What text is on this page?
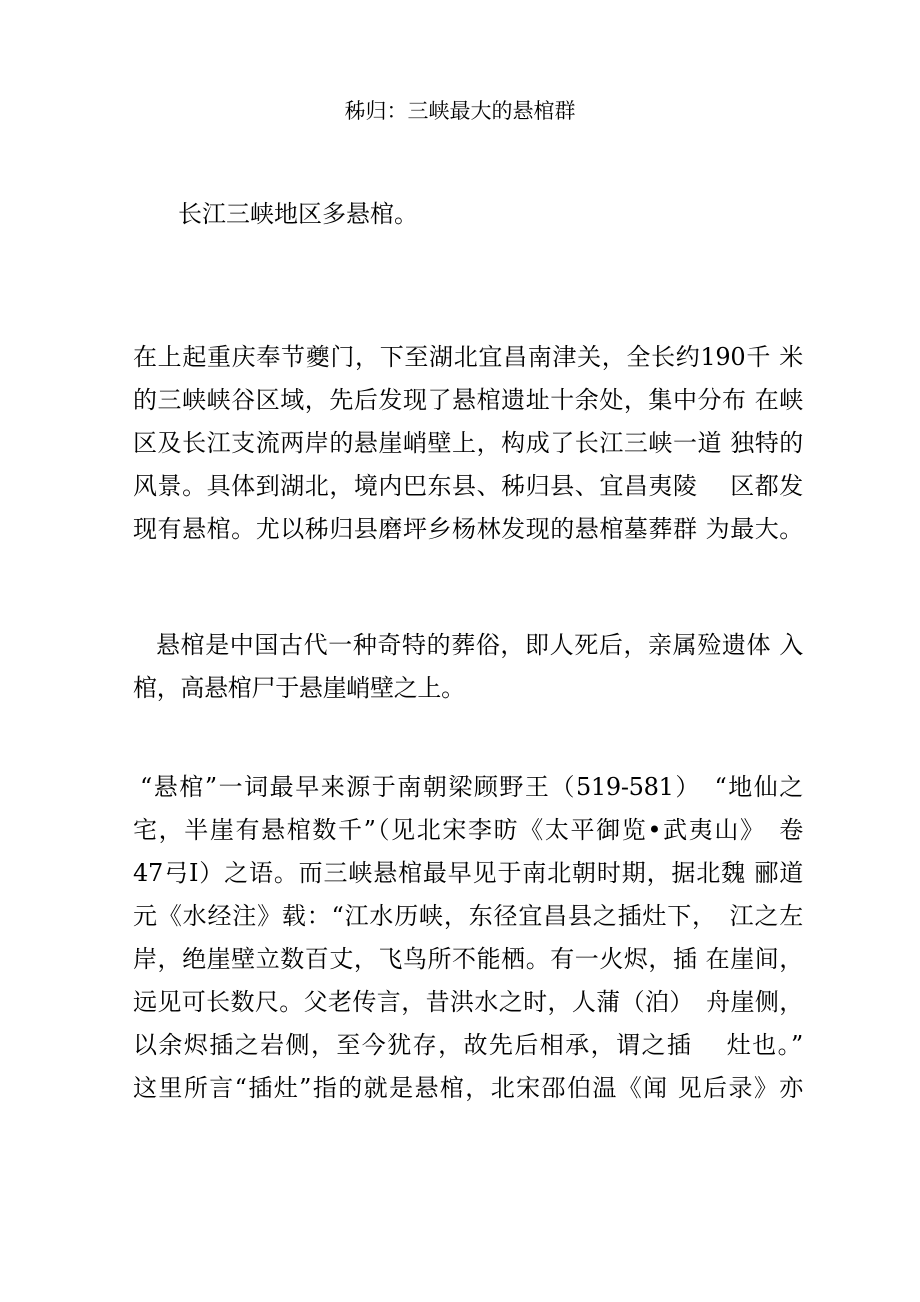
秭归：三峡最大的悬棺群
长江三峡地区多悬棺。
在上起重庆奉节夔门，下至湖北宜昌南津关，全长约190千 米
的三峡峡谷区域，先后发现了悬棺遗址十余处，集中分布 在峡
区及长江支流两岸的悬崖峭壁上，构成了长江三峡一道 独特的
风景。具体到湖北，境内巴东县、秭归县、宜昌夷陵　 区都发
现有悬棺。尤以秭归县磨坪乡杨林发现的悬棺墓葬群 为最大。
悬棺是中国古代一种奇特的葬俗，即人死后，亲属殓遗体 入
棺，高悬棺尸于悬崖峭壁之上。
“悬棺”一词最早来源于南朝梁顾野王（519-581）　“地仙之
宅，半崖有悬棺数千”（见北宋李昉《太平御览•武夷山》　卷
47弓I）之语。而三峡悬棺最早见于南北朝时期，据北魏 郦道
元《水经注》载：“江水历峡，东径宜昌县之插灶下，　江之左
岸，绝崖壁立数百丈，飞鸟所不能栖。有一火烬，插 在崖间，
远见可长数尺。父老传言，昔洪水之时，人蒲（泊）　舟崖侧，
以余烬插之岩侧，至今犹存，故先后相承，谓之插　 灶也。”
这里所言“插灶”指的就是悬棺，北宋邵伯温《闻 见后录》亦
